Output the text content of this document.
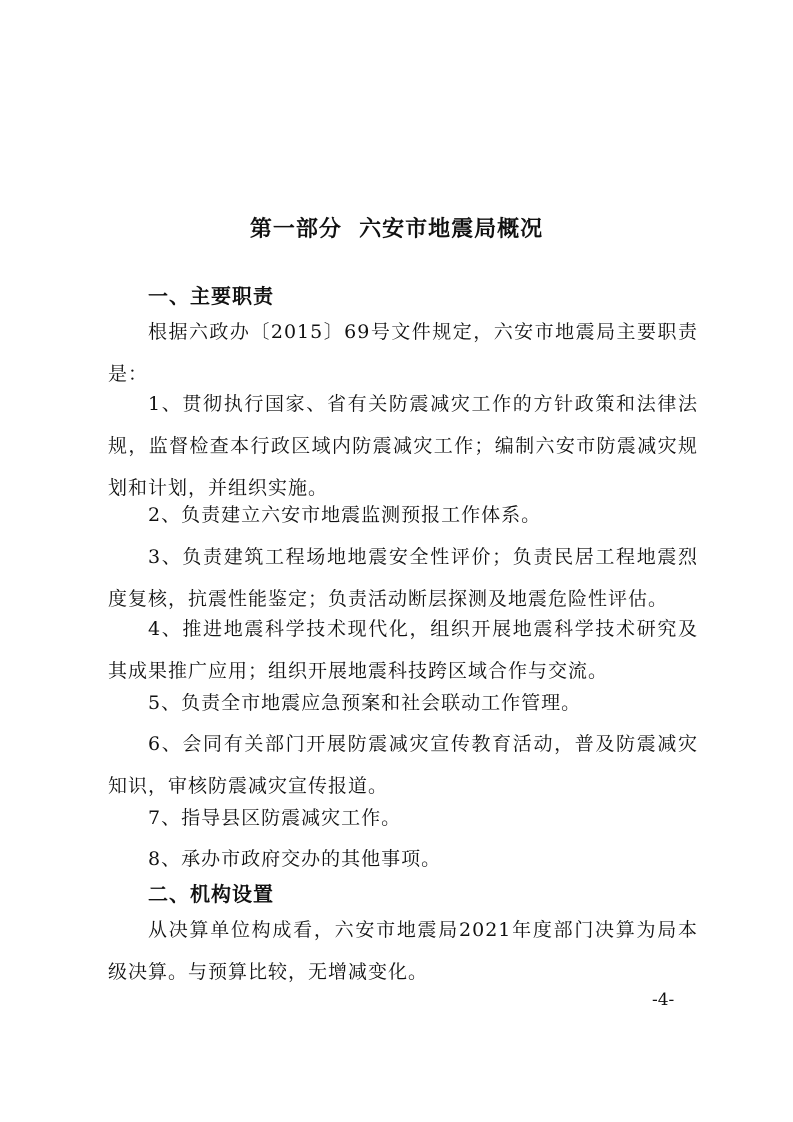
第一部分  六安市地震局概况
一、主要职责
根据六政办〔2015〕69号文件规定，六安市地震局主要职责是：
1、贯彻执行国家、省有关防震减灾工作的方针政策和法律法规，监督检查本行政区域内防震减灾工作；编制六安市防震减灾规划和计划，并组织实施。
2、负责建立六安市地震监测预报工作体系。
3、负责建筑工程场地地震安全性评价；负责民居工程地震烈度复核，抗震性能鉴定；负责活动断层探测及地震危险性评估。
4、推进地震科学技术现代化，组织开展地震科学技术研究及其成果推广应用；组织开展地震科技跨区域合作与交流。
5、负责全市地震应急预案和社会联动工作管理。
6、会同有关部门开展防震减灾宣传教育活动，普及防震减灾知识，审核防震减灾宣传报道。
7、指导县区防震减灾工作。
8、承办市政府交办的其他事项。
二、机构设置
从决算单位构成看，六安市地震局2021年度部门决算为局本级决算。与预算比较，无增减变化。
-4-
